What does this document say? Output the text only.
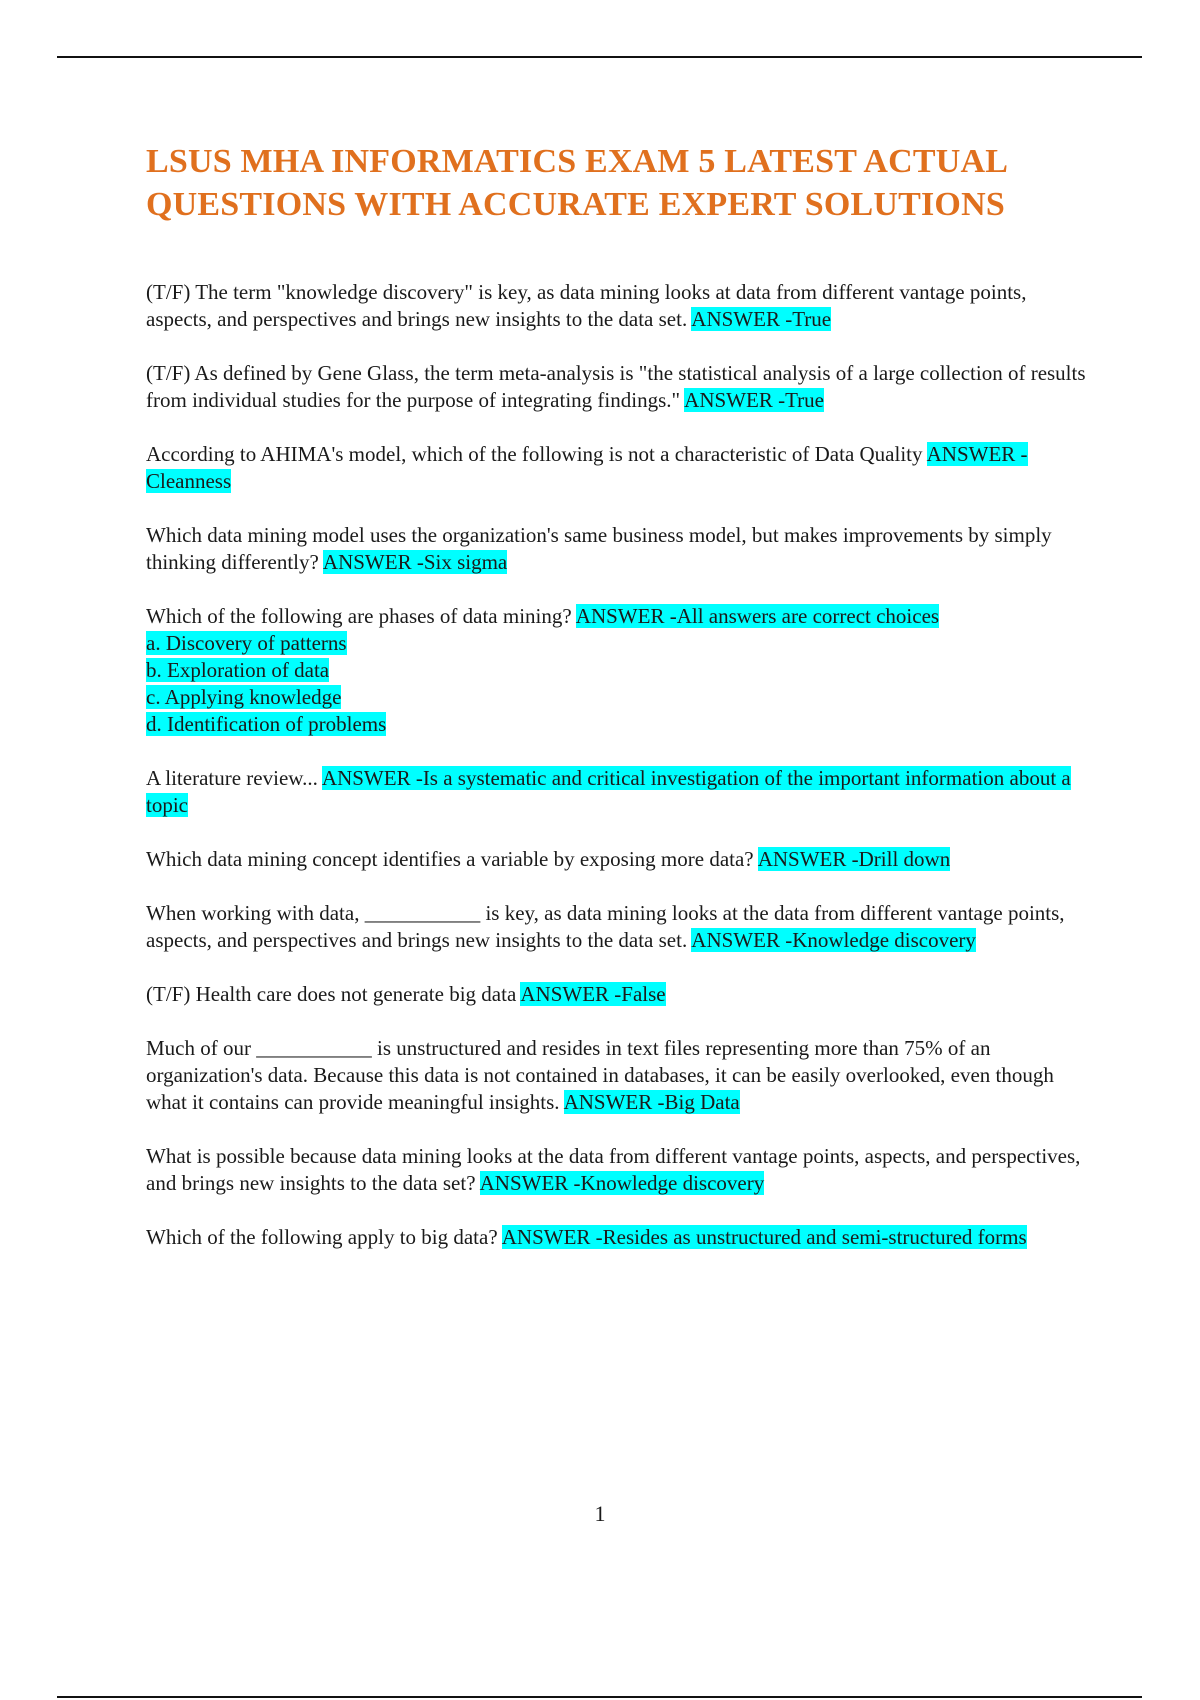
LSUS MHA INFORMATICS EXAM 5 LATEST ACTUAL QUESTIONS WITH ACCURATE EXPERT SOLUTIONS

(T/F) The term "knowledge discovery" is key, as data mining looks at data from different vantage points, aspects, and perspectives and brings new insights to the data set. ANSWER -True

(T/F) As defined by Gene Glass, the term meta-analysis is "the statistical analysis of a large collection of results from individual studies for the purpose of integrating findings." ANSWER -True

According to AHIMA's model, which of the following is not a characteristic of Data Quality ANSWER -Cleanness

Which data mining model uses the organization's same business model, but makes improvements by simply thinking differently? ANSWER -Six sigma

Which of the following are phases of data mining? ANSWER -All answers are correct choices
a. Discovery of patterns
b. Exploration of data
c. Applying knowledge
d. Identification of problems

A literature review... ANSWER -Is a systematic and critical investigation of the important information about a topic

Which data mining concept identifies a variable by exposing more data? ANSWER -Drill down

When working with data, ___________ is key, as data mining looks at the data from different vantage points, aspects, and perspectives and brings new insights to the data set. ANSWER -Knowledge discovery

(T/F) Health care does not generate big data ANSWER -False

Much of our ___________ is unstructured and resides in text files representing more than 75% of an organization's data. Because this data is not contained in databases, it can be easily overlooked, even though what it contains can provide meaningful insights. ANSWER -Big Data

What is possible because data mining looks at the data from different vantage points, aspects, and perspectives, and brings new insights to the data set? ANSWER -Knowledge discovery

Which of the following apply to big data? ANSWER -Resides as unstructured and semi-structured forms

1
